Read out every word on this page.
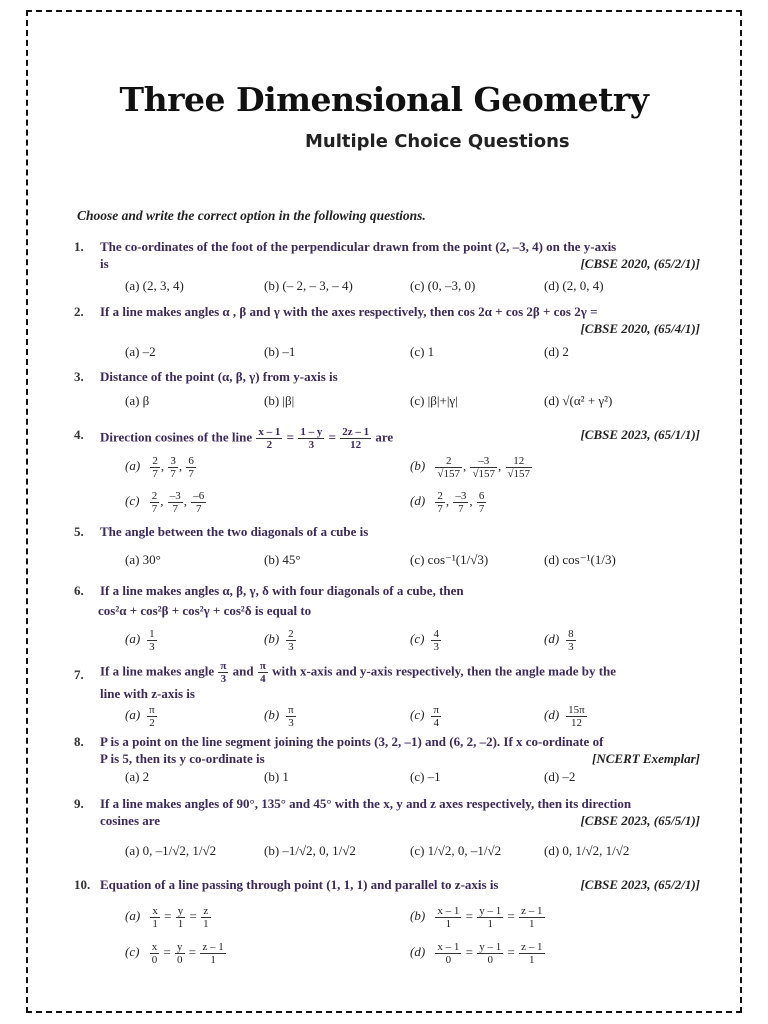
Three Dimensional Geometry
Multiple Choice Questions
Choose and write the correct option in the following questions.
1. The co-ordinates of the foot of the perpendicular drawn from the point (2, –3, 4) on the y-axis
is	[CBSE 2020, (65/2/1)]
(a) (2, 3, 4)	(b) (– 2, – 3, – 4)	(c) (0, –3, 0)	(d) (2, 0, 4)
2. If a line makes angles α , β and γ with the axes respectively, then cos 2α + cos 2β + cos 2γ =
[CBSE 2020, (65/4/1)]
(a) –2	(b) –1	(c) 1	(d) 2
3. Distance of the point (α, β, γ) from y-axis is
(a) β	(b) |β|	(c) |β|+|γ|	(d) √(α² + γ²)
4. Direction cosines of the line $\frac{x - 1}{2} = \frac{1 - y}{3} = \frac{2z - 1}{12}$ are	[CBSE 2023, (65/1/1)]
$(a) \frac{2}{7}$ , $\frac{3}{7}$ , $\frac{6}{7}$	$(b) \frac{2}{√157}$ , $\frac{-3}{√157}$ , $\frac{12}{√157}$
$(c) \frac{2}{7}$ , $\frac{-3}{7}$ , $\frac{-6}{7}$	$(d) \frac{2}{7}$ , $\frac{-3}{7}$ , $\frac{6}{7}$
5. The angle between the two diagonals of a cube is
(a) 30°	(b) 45°	(c) cos⁻¹(1/√3)	(d) cos⁻¹(1/3)
6. If a line makes angles α, β, γ, δ with four diagonals of a cube, then
cos²α + cos²β + cos²γ + cos²δ is equal to
$(a) \frac{1}{3}$	$(b) \frac{2}{3}$	$(c) \frac{4}{3}$	$(d) \frac{8}{3}$
7. If a line makes angle $\frac{\pi}{3}$ and $\frac{\pi}{4}$ with x-axis and y-axis respectively, then the angle made by the
line with z-axis is
$(a) \frac{\pi}{2}$	$(b) \frac{\pi}{3}$	$(c) \frac{\pi}{4}$	$(d) \frac{15\pi}{12}$
8. P is a point on the line segment joining the points (3, 2, –1) and (6, 2, –2). If x co-ordinate of
P is 5, then its y co-ordinate is	[NCERT Exemplar]
(a) 2	(b) 1	(c) –1	(d) –2
9. If a line makes angles of 90°, 135° and 45° with the x, y and z axes respectively, then its direction
cosines are	[CBSE 2023, (65/5/1)]
(a) 0, –1/√2, 1/√2	(b) –1/√2, 0, 1/√2	(c) 1/√2, 0, –1/√2	(d) 0, 1/√2, 1/√2
10. Equation of a line passing through point (1, 1, 1) and parallel to z-axis is	[CBSE 2023, (65/2/1)]
$(a) \frac{x}{1} = \frac{y}{1} = \frac{z}{1}$	$(b) \frac{x - 1}{1} = \frac{y - 1}{1} = \frac{z - 1}{1}$
$(c) \frac{x}{0} = \frac{y}{0} = \frac{z - 1}{1}$	$(d) \frac{x - 1}{0} = \frac{y - 1}{0} = \frac{z - 1}{1}$
